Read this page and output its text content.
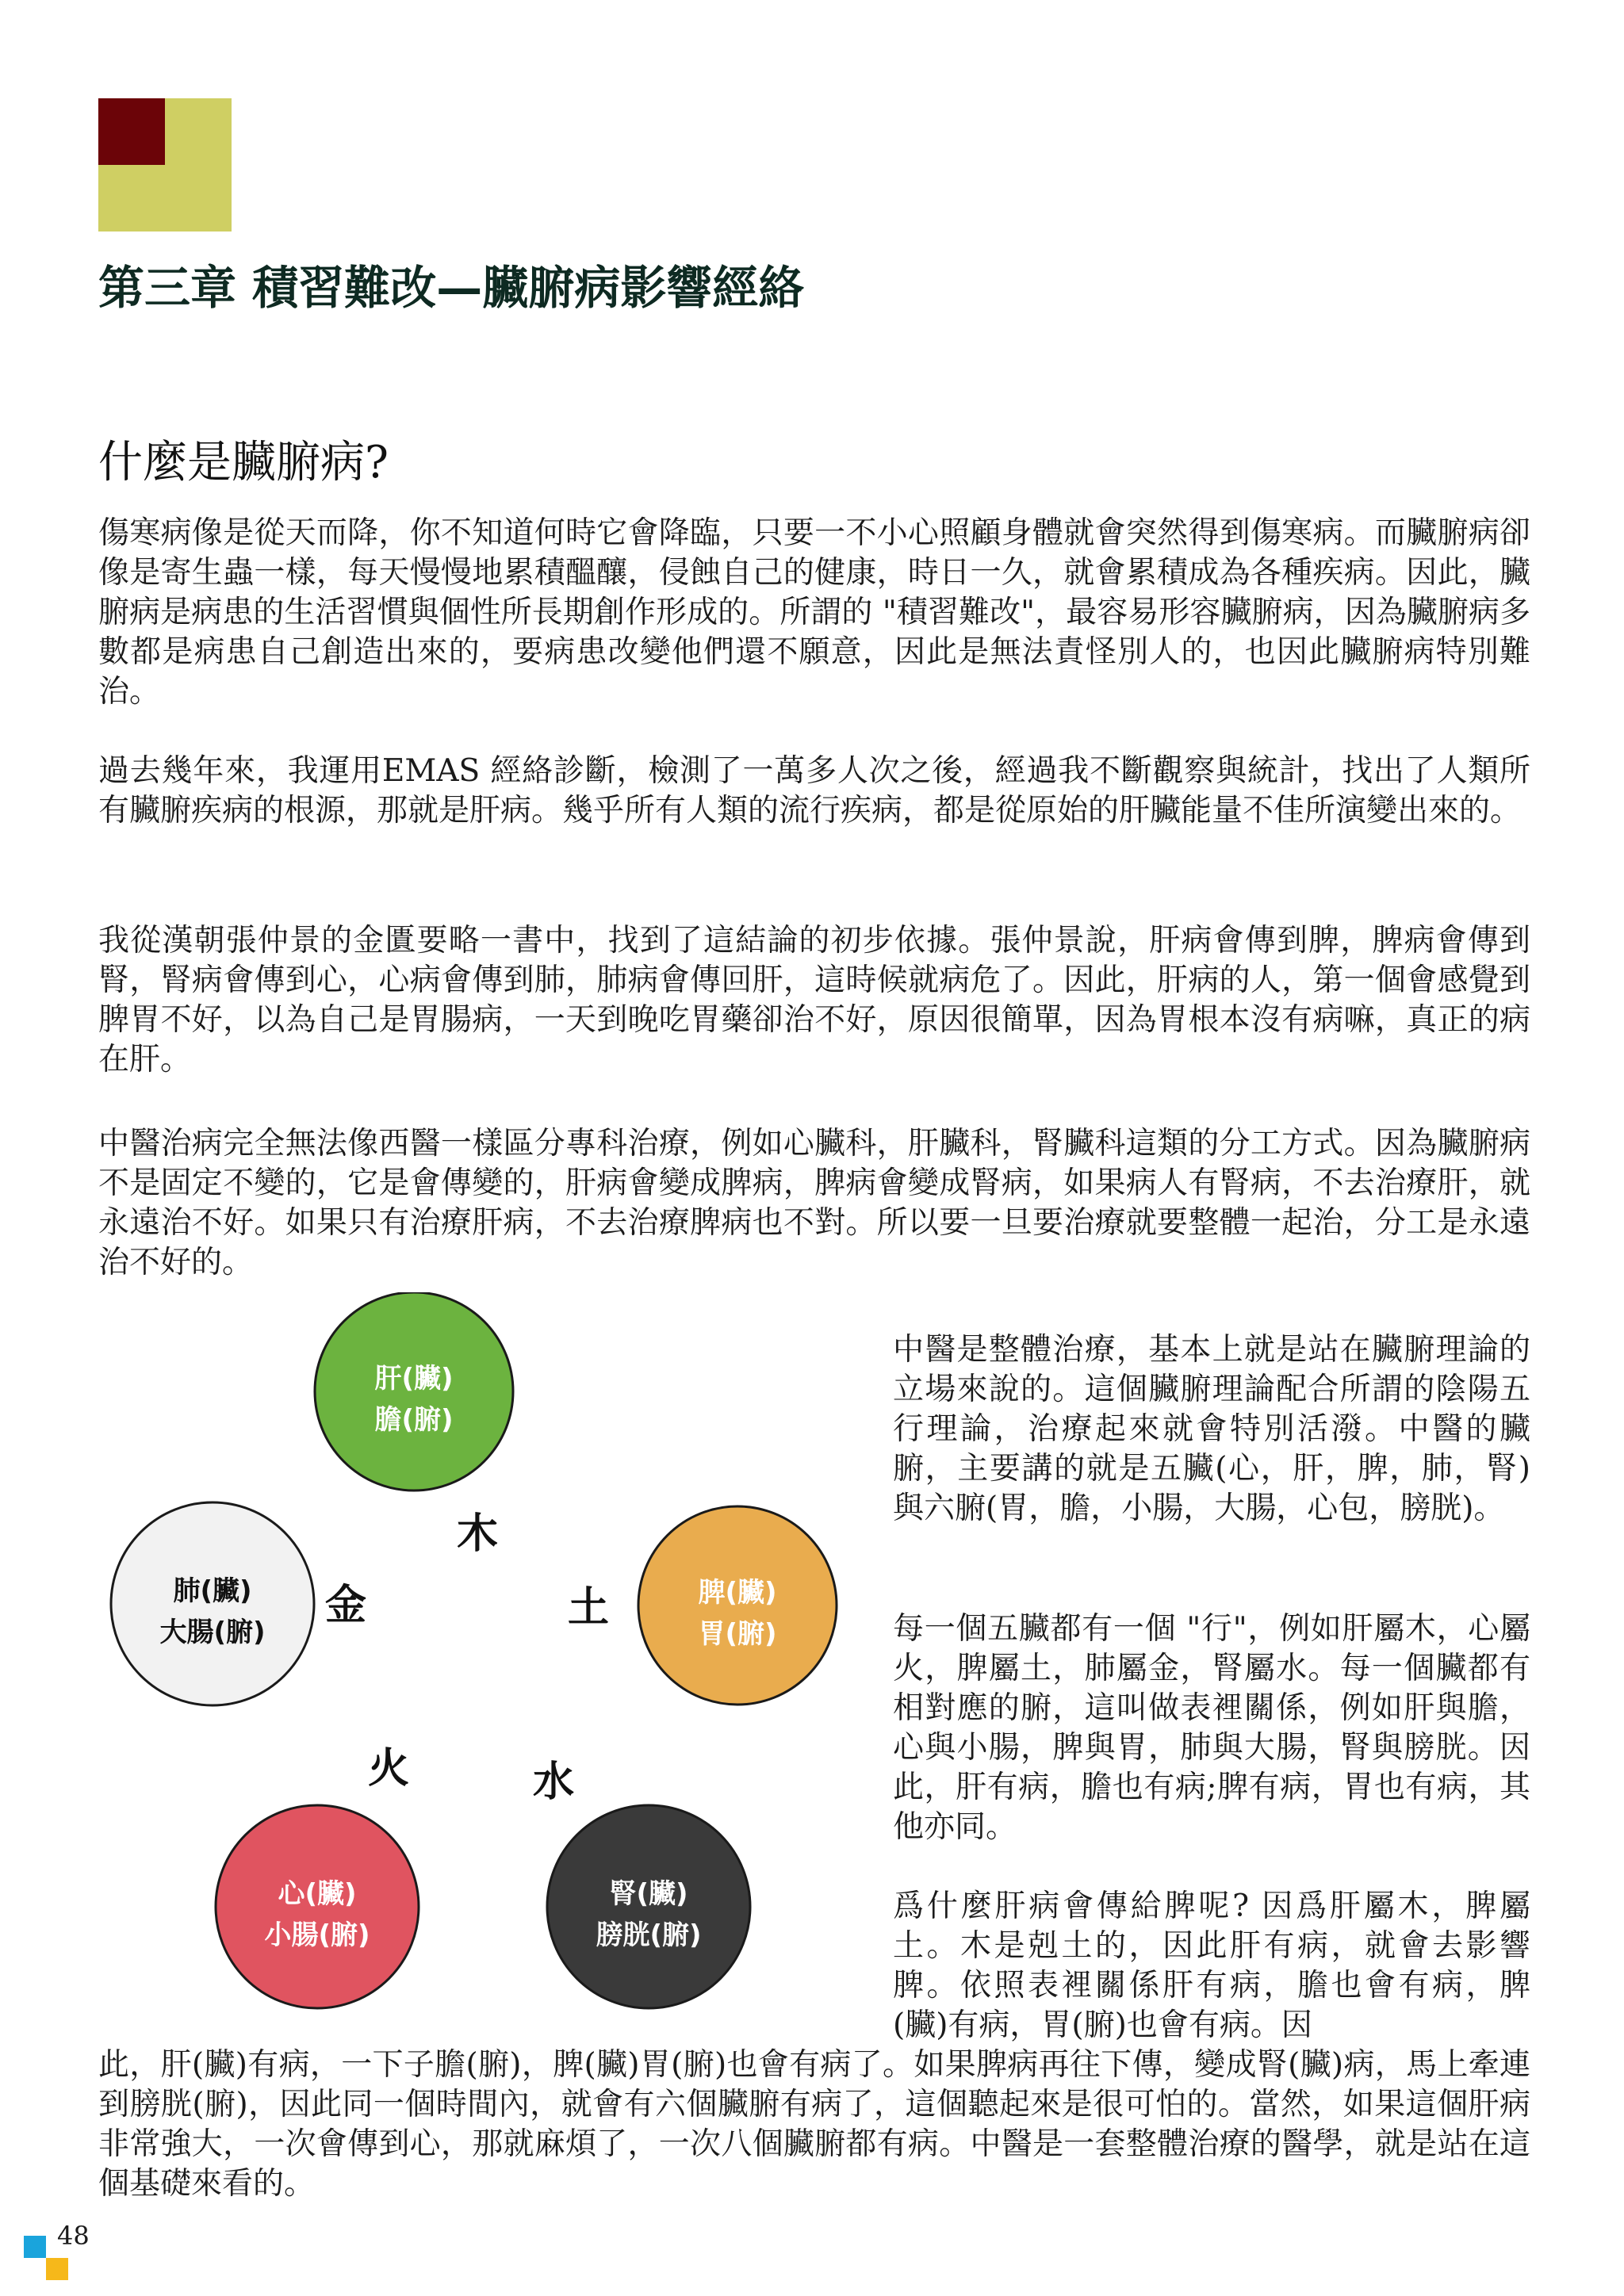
第三章 積習難改—臟腑病影響經絡
什麼是臟腑病?

傷寒病像是從天而降，你不知道何時它會降臨，只要一不小心照顧身體就會突然得到傷寒病。而臟腑病卻像是寄生蟲一樣，每天慢慢地累積醞釀，侵蝕自己的健康，時日一久，就會累積成為各種疾病。因此，臟腑病是病患的生活習慣與個性所長期創作形成的。所謂的 "積習難改"，最容易形容臟腑病，因為臟腑病多數都是病患自己創造出來的，要病患改變他們還不願意，因此是無法責怪別人的，也因此臟腑病特別難治。

過去幾年來，我運用EMAS 經絡診斷，檢測了一萬多人次之後，經過我不斷觀察與統計，找出了人類所有臟腑疾病的根源，那就是肝病。幾乎所有人類的流行疾病，都是從原始的肝臟能量不佳所演變出來的。

我從漢朝張仲景的金匱要略一書中，找到了這結論的初步依據。張仲景說，肝病會傳到脾，脾病會傳到腎，腎病會傳到心，心病會傳到肺，肺病會傳回肝，這時候就病危了。因此，肝病的人，第一個會感覺到脾胃不好，以為自己是胃腸病，一天到晚吃胃藥卻治不好，原因很簡單，因為胃根本沒有病嘛，真正的病在肝。

中醫治病完全無法像西醫一樣區分專科治療，例如心臟科，肝臟科，腎臟科這類的分工方式。因為臟腑病不是固定不變的，它是會傳變的，肝病會變成脾病，脾病會變成腎病，如果病人有腎病，不去治療肝，就永遠治不好。如果只有治療肝病，不去治療脾病也不對。所以要一旦要治療就要整體一起治，分工是永遠治不好的。

肝(臟)
膽(腑)
脾(臟)
胃(腑)
腎(臟)
膀胱(腑)
心(臟)
小腸(腑)
肺(臟)
大腸(腑)
木
土
水
火
金

中醫是整體治療，基本上就是站在臟腑理論的立場來說的。這個臟腑理論配合所謂的陰陽五行理論，治療起來就會特別活潑。中醫的臟腑，主要講的就是五臟(心，肝，脾，肺，腎)與六腑(胃，膽，小腸，大腸，心包，膀胱)。

每一個五臟都有一個 "行"，例如肝屬木，心屬火，脾屬土，肺屬金，腎屬水。每一個臟都有相對應的腑，這叫做表裡關係，例如肝與膽，心與小腸，脾與胃，肺與大腸，腎與膀胱。因此，肝有病，膽也有病;脾有病，胃也有病，其他亦同。

爲什麼肝病會傳給脾呢? 因爲肝屬木，脾屬土。木是剋土的，因此肝有病，就會去影響脾。依照表裡關係肝有病，膽也會有病，脾(臟)有病，胃(腑)也會有病。因

此，肝(臟)有病，一下子膽(腑)，脾(臟)胃(腑)也會有病了。如果脾病再往下傳，變成腎(臟)病，馬上牽連到膀胱(腑)，因此同一個時間內，就會有六個臟腑有病了，這個聽起來是很可怕的。當然，如果這個肝病非常強大，一次會傳到心，那就麻煩了，一次八個臟腑都有病。中醫是一套整體治療的醫學，就是站在這個基礎來看的。

48
